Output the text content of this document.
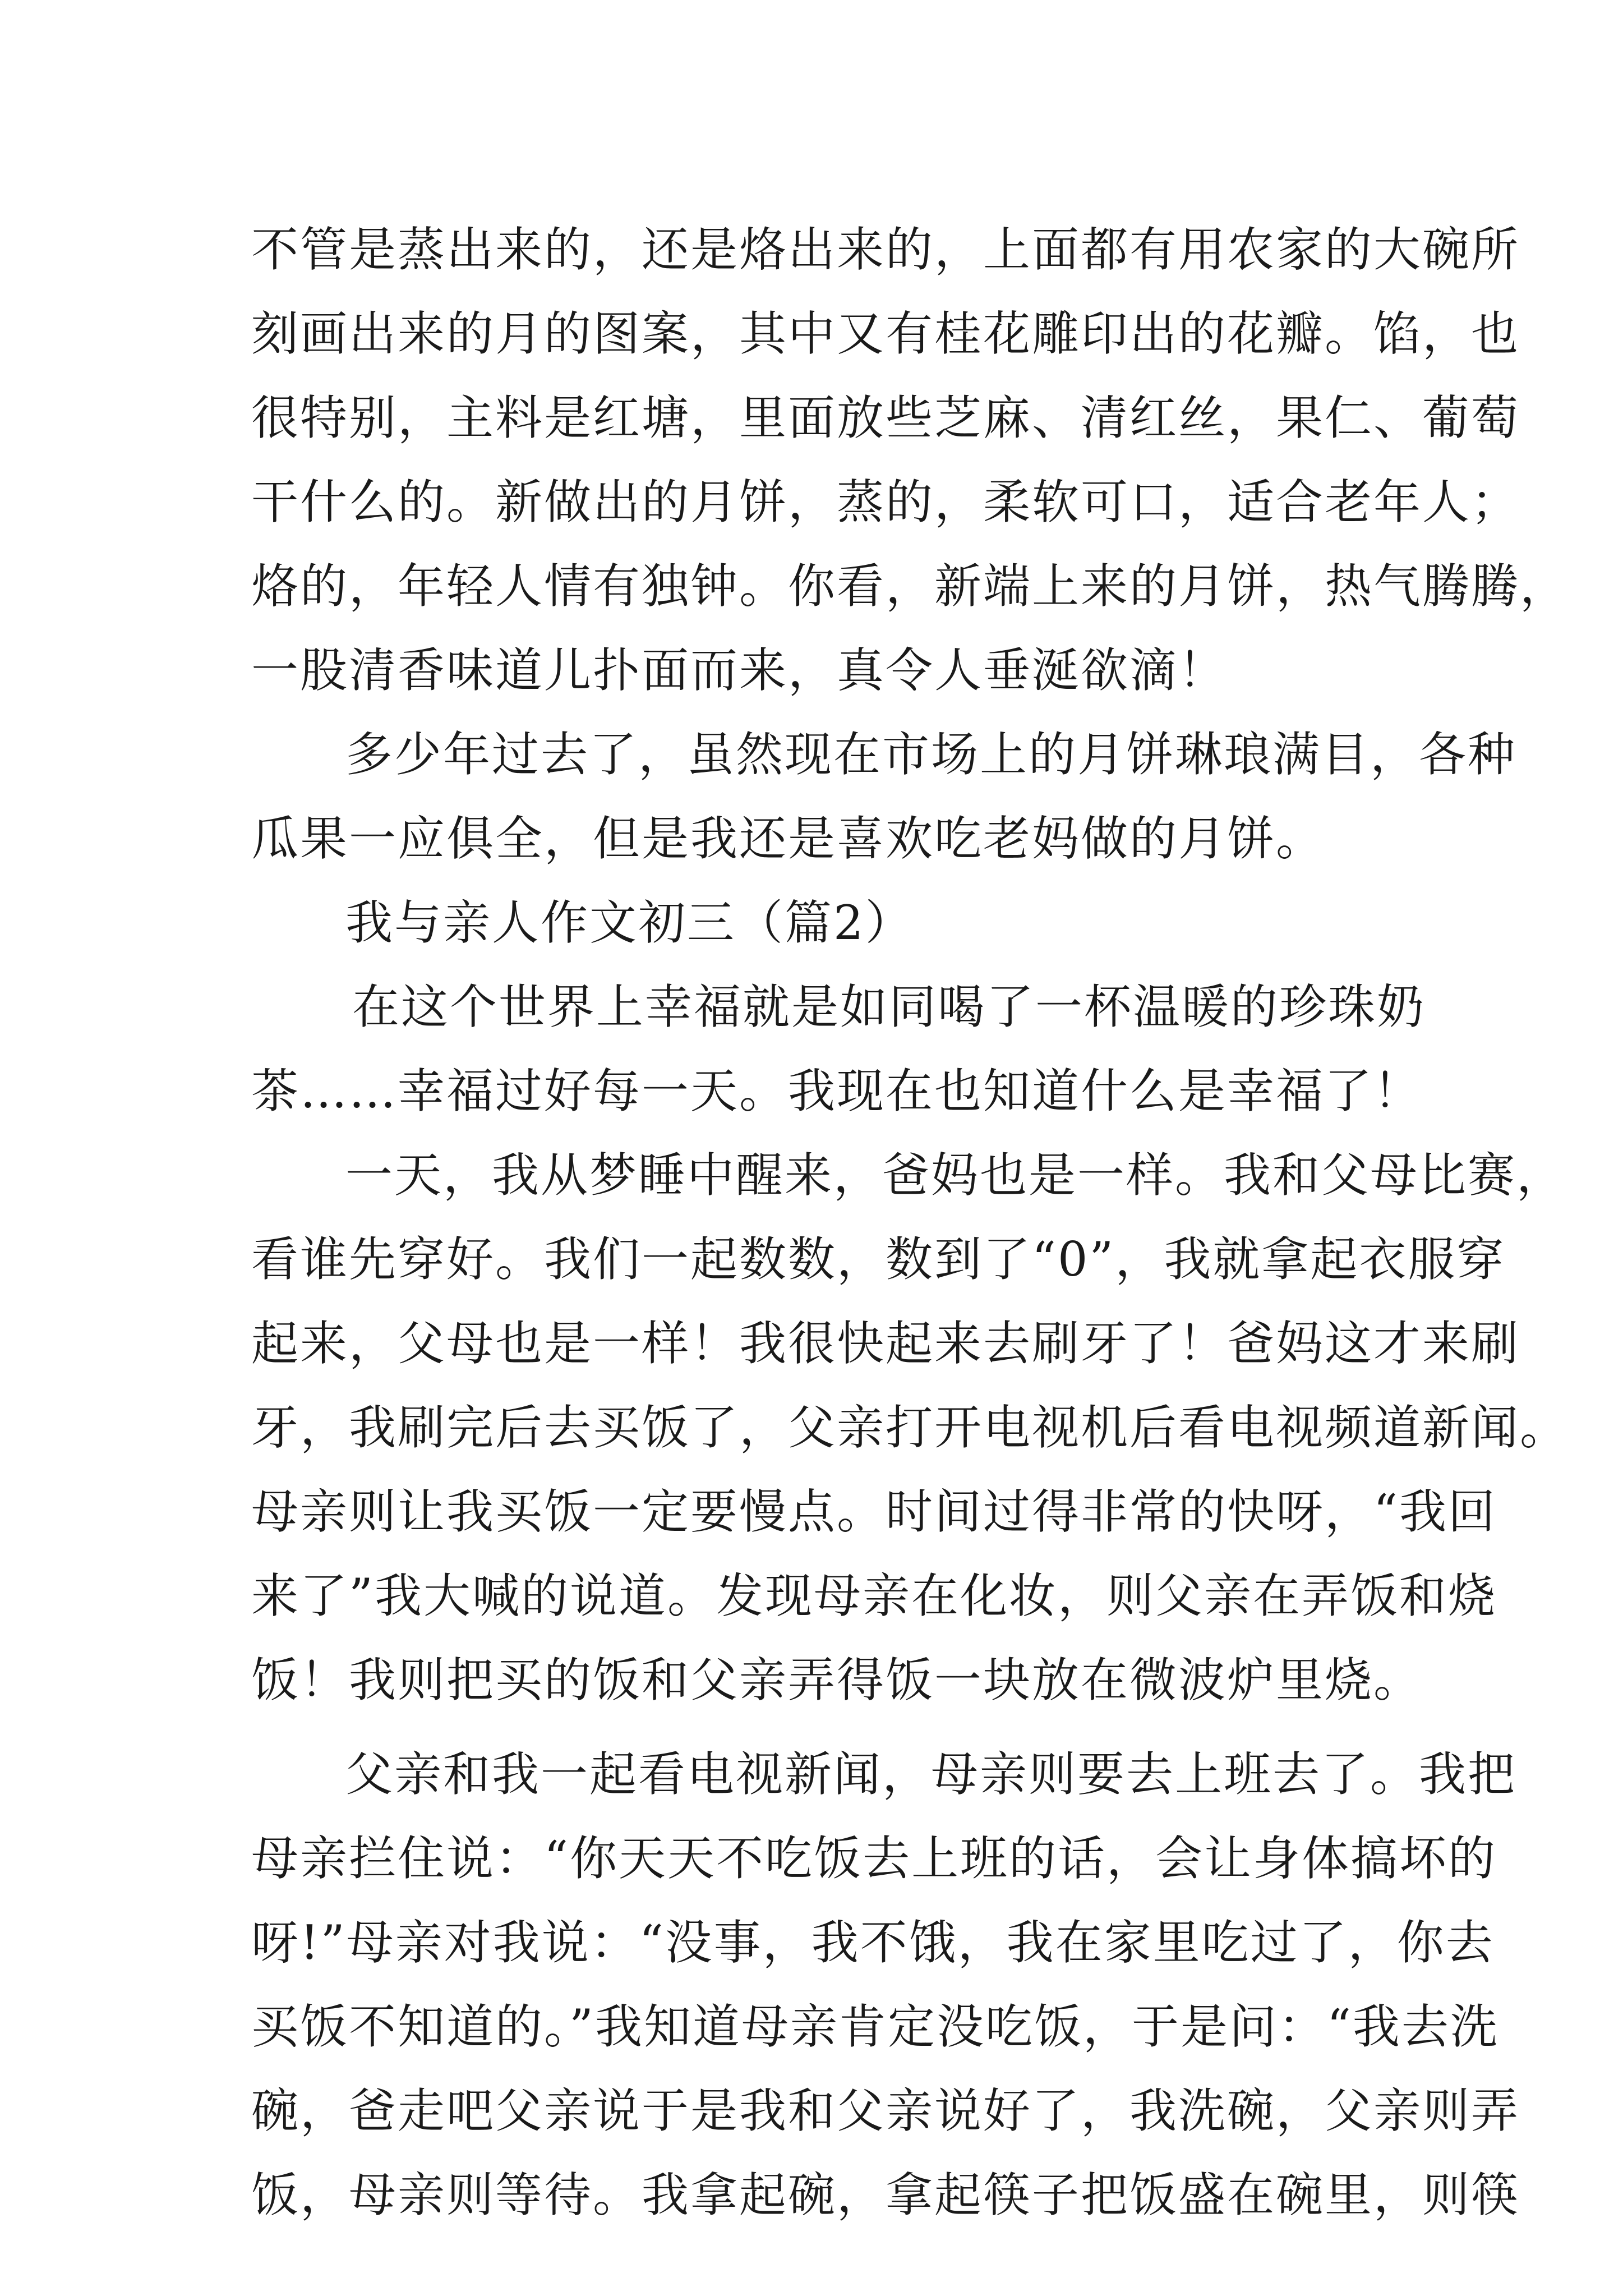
不管是蒸出来的，还是烙出来的，上面都有用农家的大碗所
刻画出来的月的图案，其中又有桂花雕印出的花瓣。馅，也
很特别，主料是红塘，里面放些芝麻、清红丝，果仁、葡萄
干什么的。新做出的月饼，蒸的，柔软可口，适合老年人；
烙的，年轻人情有独钟。你看，新端上来的月饼，热气腾腾，
一股清香味道儿扑面而来，真令人垂涎欲滴！
多少年过去了，虽然现在市场上的月饼琳琅满目，各种
瓜果一应俱全，但是我还是喜欢吃老妈做的月饼。
我与亲人作文初三（篇2）
在这个世界上幸福就是如同喝了一杯温暖的珍珠奶
茶……幸福过好每一天。我现在也知道什么是幸福了！
一天，我从梦睡中醒来，爸妈也是一样。我和父母比赛，
看谁先穿好。我们一起数数，数到了“0”，我就拿起衣服穿
起来，父母也是一样！我很快起来去刷牙了！爸妈这才来刷
牙，我刷完后去买饭了，父亲打开电视机后看电视频道新闻。
母亲则让我买饭一定要慢点。时间过得非常的快呀，“我回
来了”我大喊的说道。发现母亲在化妆，则父亲在弄饭和烧
饭！我则把买的饭和父亲弄得饭一块放在微波炉里烧。
父亲和我一起看电视新闻，母亲则要去上班去了。我把
母亲拦住说：“你天天不吃饭去上班的话，会让身体搞坏的
呀!”母亲对我说：“没事，我不饿，我在家里吃过了，你去
买饭不知道的。”我知道母亲肯定没吃饭，于是问：“我去洗
碗，爸走吧父亲说于是我和父亲说好了，我洗碗，父亲则弄
饭，母亲则等待。我拿起碗，拿起筷子把饭盛在碗里，则筷
